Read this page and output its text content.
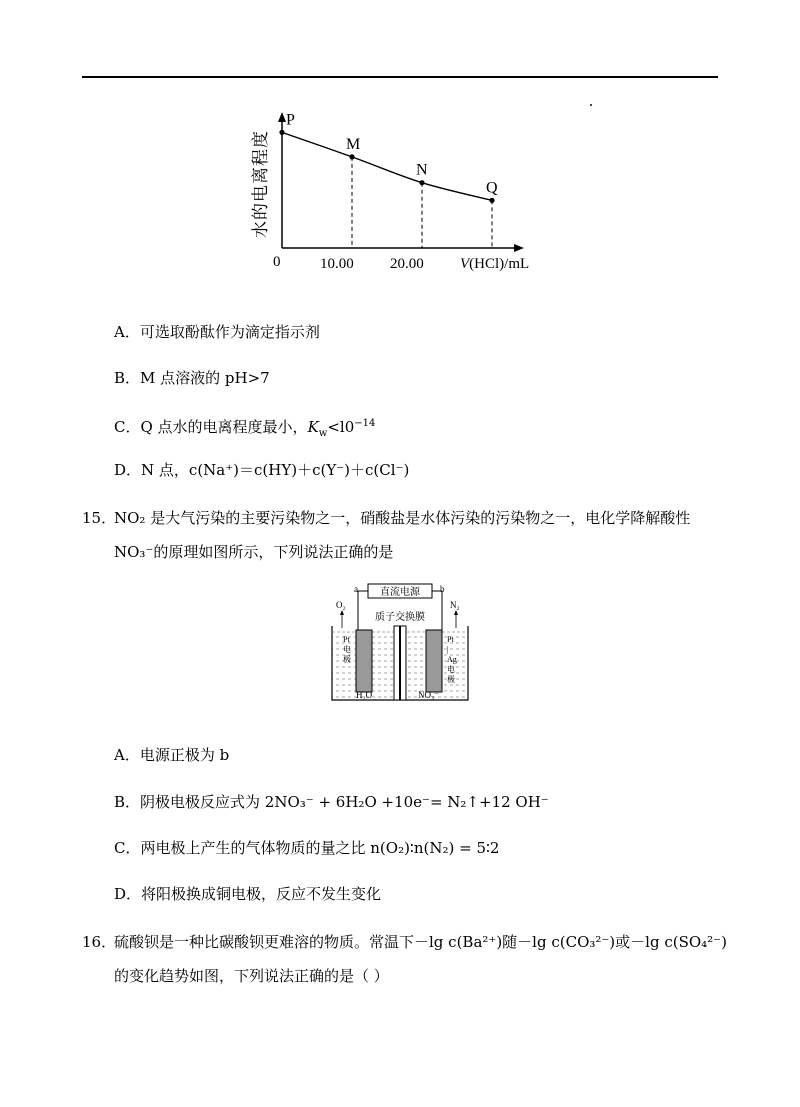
水
的
电
离
程
度
0	10.00 20.00 V(HCl)/mL
P
M
N
Q
A．可选取酚酞作为滴定指示剂
B．M 点溶液的 pH>7
C．Q 点水的电离程度最小，$K_w<l0^{-14}$
D．N 点，c(Na⁺)＝c(HY)＋c(Y⁻)＋c(Cl⁻)
15．
NO₂ 是大气污染的主要污染物之一，硝酸盐是水体污染的污染物之一，电化学降解酸性
NO₃⁻的原理如图所示，下列说法正确的是
直流电源
a	b
O₂	N₂
质子交换膜
Pt
电
极
Pt
|
Ag
电
极
H₂O	NO₃⁻
A．电源正极为 b
B．阴极电极反应式为 2NO₃⁻ + 6H₂O +10e⁻= N₂↑+12 OH⁻
C．两电极上产生的气体物质的量之比 n(O₂)∶n(N₂) = 5∶2
D．将阳极换成铜电极，反应不发生变化
16．
硫酸钡是一种比碳酸钡更难溶的物质。常温下－lg c(Ba²⁺)随－lg c(CO₃²⁻)或－lg c(SO₄²⁻)
的变化趋势如图，下列说法正确的是（ ）
